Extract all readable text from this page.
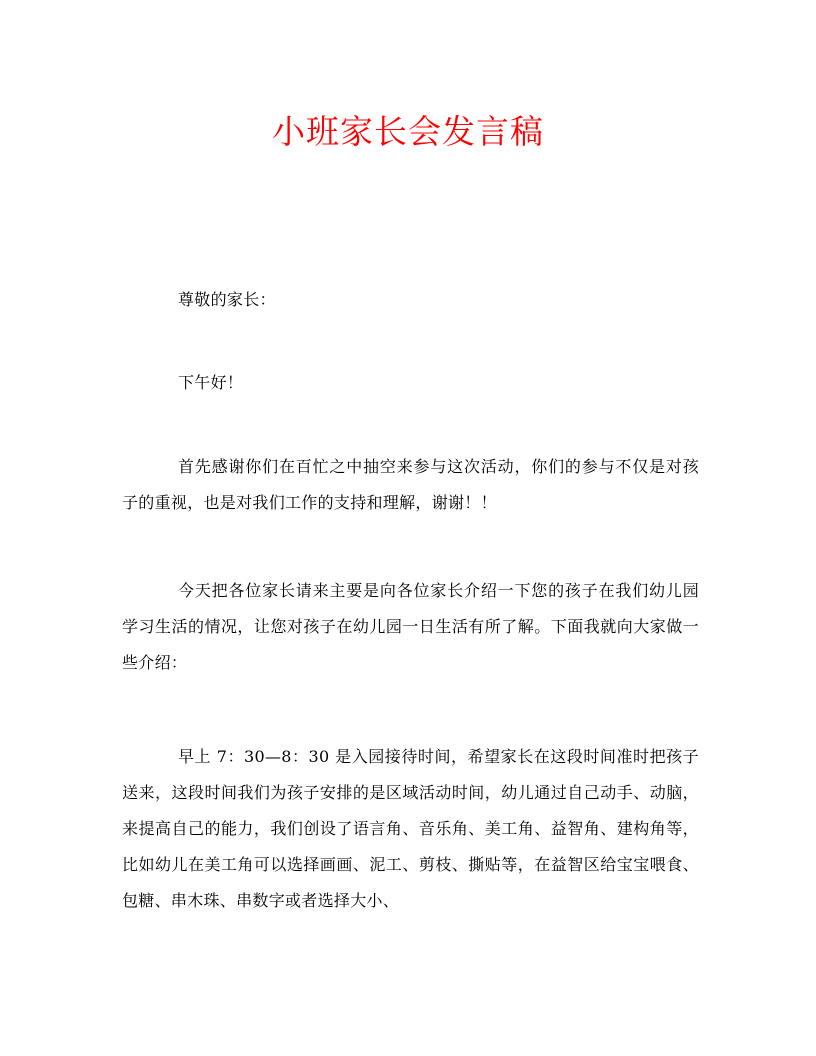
小班家长会发言稿

尊敬的家长：

下午好！

首先感谢你们在百忙之中抽空来参与这次活动，你们的参与不仅是对孩子的重视，也是对我们工作的支持和理解，谢谢！！

今天把各位家长请来主要是向各位家长介绍一下您的孩子在我们幼儿园学习生活的情况，让您对孩子在幼儿园一日生活有所了解。下面我就向大家做一些介绍：

早上 7：30—8：30 是入园接待时间，希望家长在这段时间准时把孩子送来，这段时间我们为孩子安排的是区域活动时间，幼儿通过自己动手、动脑，来提高自己的能力，我们创设了语言角、音乐角、美工角、益智角、建构角等，比如幼儿在美工角可以选择画画、泥工、剪枝、撕贴等，在益智区给宝宝喂食、包糖、串木珠、串数字或者选择大小、
